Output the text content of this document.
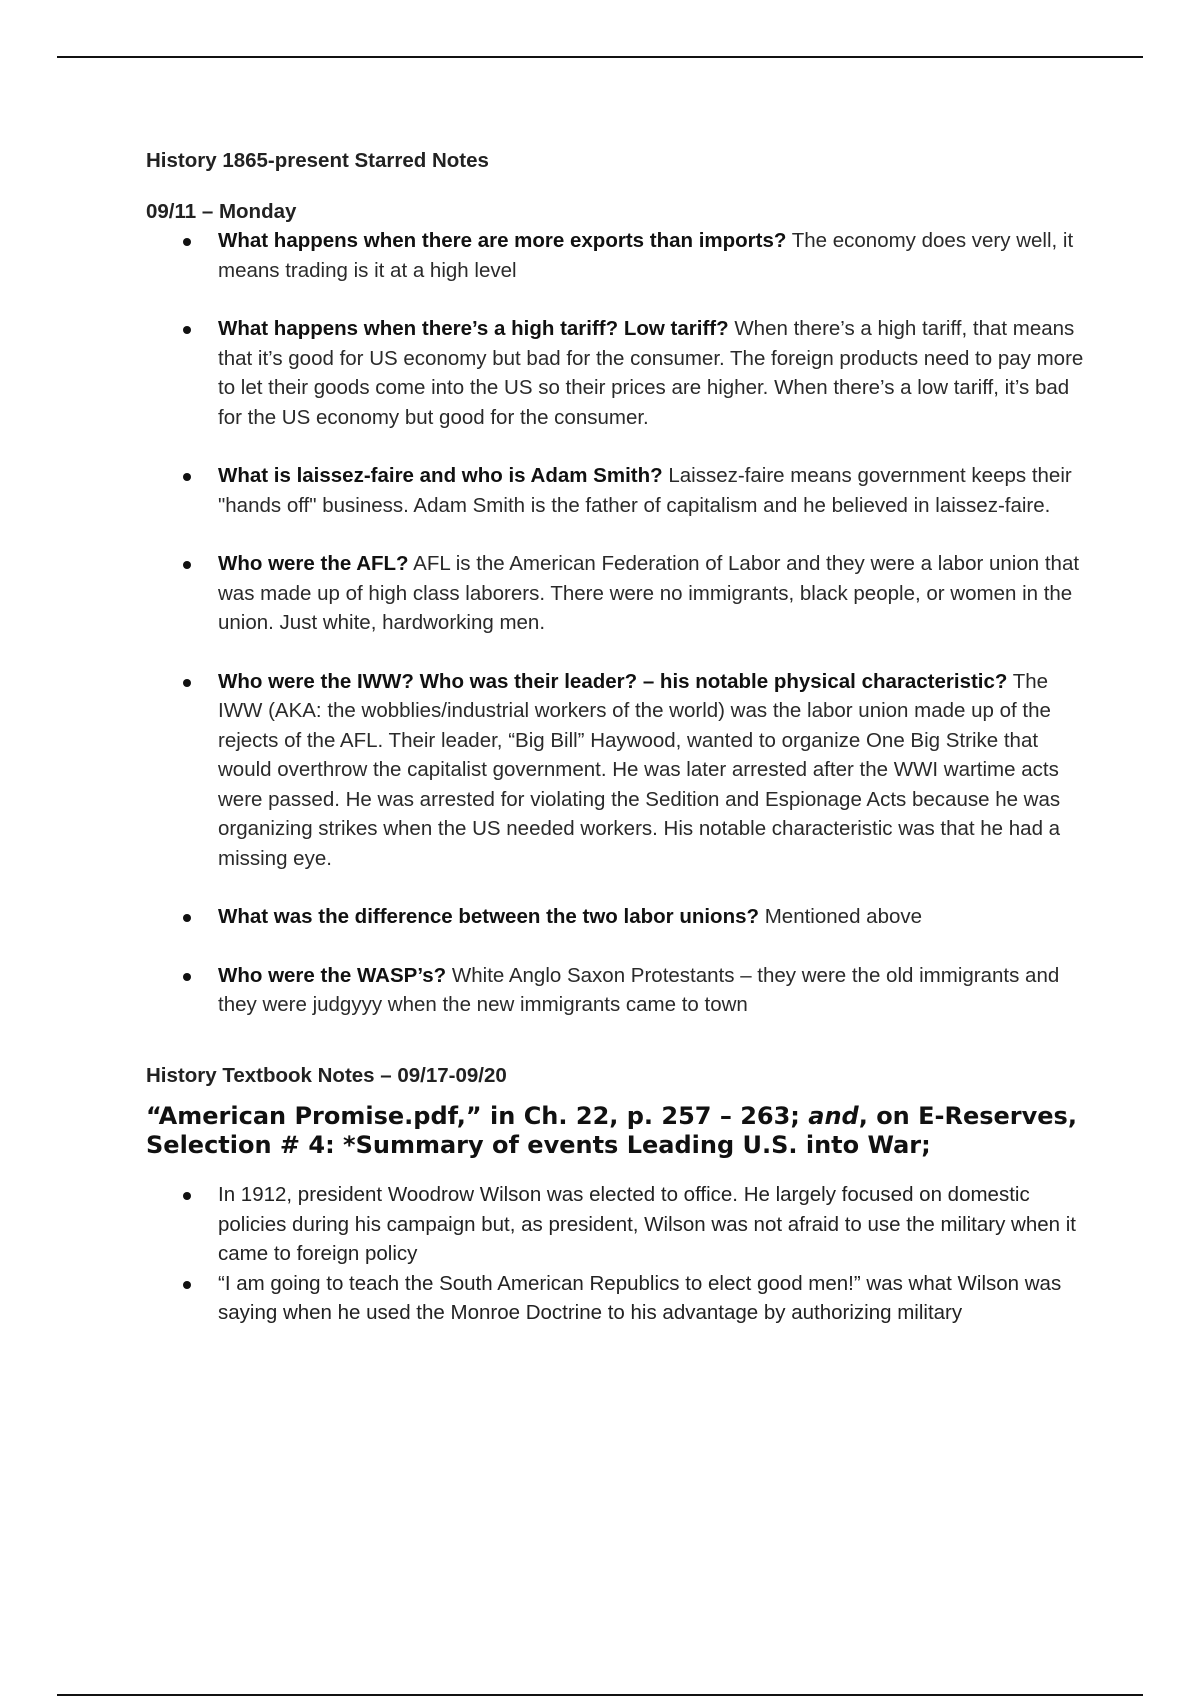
History 1865-present Starred Notes
09/11 – Monday
What happens when there are more exports than imports? The economy does very well, it means trading is it at a high level
What happens when there’s a high tariff? Low tariff? When there’s a high tariff, that means that it’s good for US economy but bad for the consumer. The foreign products need to pay more to let their goods come into the US so their prices are higher. When there’s a low tariff, it’s bad for the US economy but good for the consumer.
What is laissez-faire and who is Adam Smith? Laissez-faire means government keeps their "hands off" business. Adam Smith is the father of capitalism and he believed in laissez-faire.
Who were the AFL? AFL is the American Federation of Labor and they were a labor union that was made up of high class laborers. There were no immigrants, black people, or women in the union. Just white, hardworking men.
Who were the IWW? Who was their leader? – his notable physical characteristic? The IWW (AKA: the wobblies/industrial workers of the world) was the labor union made up of the rejects of the AFL. Their leader, “Big Bill” Haywood, wanted to organize One Big Strike that would overthrow the capitalist government. He was later arrested after the WWI wartime acts were passed. He was arrested for violating the Sedition and Espionage Acts because he was organizing strikes when the US needed workers. His notable characteristic was that he had a missing eye.
What was the difference between the two labor unions? Mentioned above
Who were the WASP’s? White Anglo Saxon Protestants – they were the old immigrants and they were judgyyy when the new immigrants came to town
History Textbook Notes – 09/17-09/20
“American Promise.pdf,” in Ch. 22, p. 257 – 263; and, on E-Reserves, Selection # 4: *Summary of events Leading U.S. into War;
In 1912, president Woodrow Wilson was elected to office. He largely focused on domestic policies during his campaign but, as president, Wilson was not afraid to use the military when it came to foreign policy
“I am going to teach the South American Republics to elect good men!” was what Wilson was saying when he used the Monroe Doctrine to his advantage by authorizing military
